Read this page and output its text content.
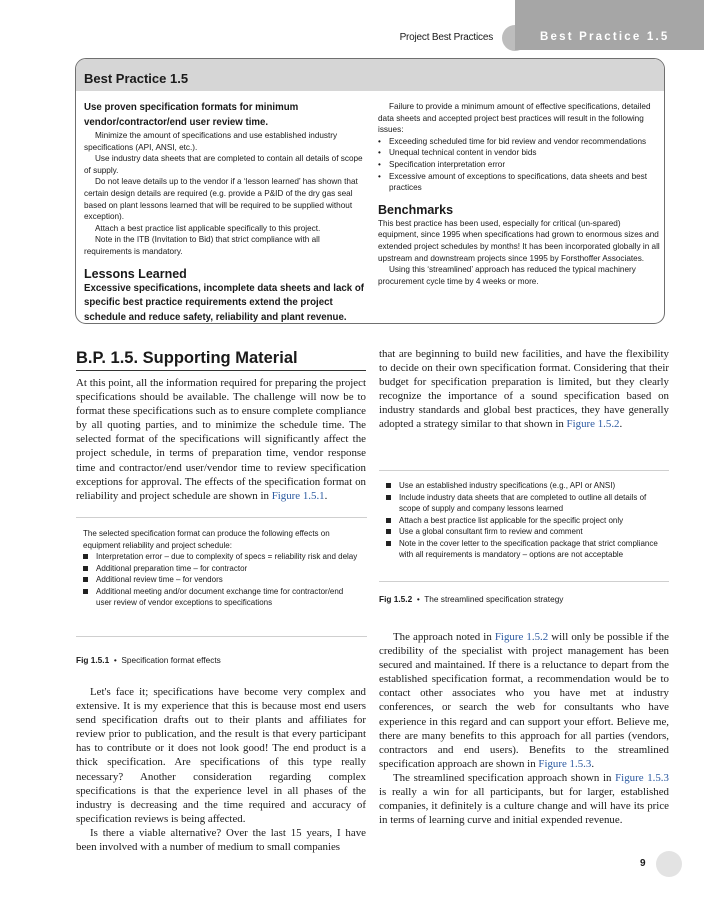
Project Best Practices	Best Practice 1.5
Best Practice 1.5

Use proven specification formats for minimum vendor/contractor/end user review time.

Minimize the amount of specifications and use established industry specifications (API, ANSI, etc.).

Use industry data sheets that are completed to contain all details of scope of supply.

Do not leave details up to the vendor if a ‘lesson learned’ has shown that certain design details are required (e.g. provide a P&ID of the dry gas seal based on plant lessons learned that will be required to be supplied without exception).

Attach a best practice list applicable specifically to this project.

Note in the ITB (Invitation to Bid) that strict compliance with all requirements is mandatory.

Lessons Learned

Excessive specifications, incomplete data sheets and lack of specific best practice requirements extend the project schedule and reduce safety, reliability and plant revenue.

Failure to provide a minimum amount of effective specifications, detailed data sheets and accepted project best practices will result in the following issues:

• Exceeding scheduled time for bid review and vendor recommendations
• Unequal technical content in vendor bids
• Specification interpretation error
• Excessive amount of exceptions to specifications, data sheets and best practices

Benchmarks

This best practice has been used, especially for critical (un-spared) equipment, since 1995 when specifications had grown to enormous sizes and extended project schedules by months! It has been incorporated globally in all upstream and downstream projects since 1995 by Forsthoffer Associates.

Using this ‘streamlined’ approach has reduced the typical machinery procurement cycle time by 4 weeks or more.

B.P. 1.5. Supporting Material

At this point, all the information required for preparing the project specifications should be available. The challenge will now be to format these specifications such as to ensure complete compliance by all quoting parties, and to minimize the schedule time. The selected format of the specifications will significantly affect the project schedule, in terms of preparation time, vendor response time and contractor/end user/vendor time to review specification exceptions for approval. The effects of the specification format on reliability and project schedule are shown in Figure 1.5.1.

The selected specification format can produce the following effects on equipment reliability and project schedule:

Interpretation error – due to complexity of specs = reliability risk and delay
Additional preparation time – for contractor
Additional review time – for vendors
Additional meeting and/or document exchange time for contractor/end user review of vendor exceptions to specifications
Fig 1.5.1  •  Specification format effects

Let's face it; specifications have become very complex and extensive. It is my experience that this is because most end users send specification drafts out to their plants and affiliates for review prior to publication, and the result is that every participant has to contribute or it does not look good! The end product is a thick specification. Are specifications of this type really necessary? Another consideration regarding complex specifications is that the experience level in all phases of the industry is decreasing and the time required and accuracy of specification reviews is being affected.

Is there a viable alternative? Over the last 15 years, I have been involved with a number of medium to small companies

that are beginning to build new facilities, and have the flexibility to decide on their own specification format. Considering that their budget for specification preparation is limited, but they clearly recognize the importance of a sound specification based on industry standards and global best practices, they have generally adopted a strategy similar to that shown in Figure 1.5.2.

Use an established industry specifications (e.g., API or ANSI)
Include industry data sheets that are completed to outline all details of scope of supply and company lessons learned
Attach a best practice list applicable for the specific project only
Use a global consultant firm to review and comment
Note in the cover letter to the specification package that strict compliance with all requirements is mandatory – options are not acceptable
Fig 1.5.2  •  The streamlined specification strategy

The approach noted in Figure 1.5.2 will only be possible if the credibility of the specialist with project management has been secured and maintained. If there is a reluctance to depart from the established specification format, a recommendation would be to contact other associates who you have met at industry conferences, or search the web for consultants who have experience in this regard and can support your effort. Believe me, there are many benefits to this approach for all parties (vendors, contractors and end users). Benefits to the streamlined specification approach are shown in Figure 1.5.3.

The streamlined specification approach shown in Figure 1.5.3 is really a win for all participants, but for larger, established companies, it definitely is a culture change and will have its price in terms of learning curve and initial expended revenue.

9
